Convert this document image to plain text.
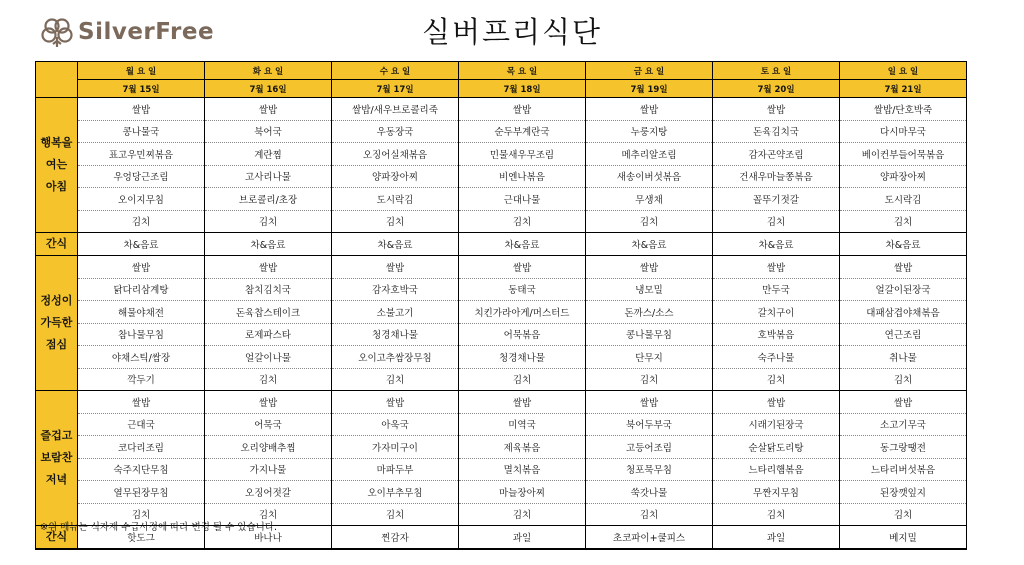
SilverFree	실버프리식단
	월 요 일	화 요 일	수 요 일	목 요 일	금 요 일	토 요 일	일 요 일
	7월 15일	7월 16일	7월 17일	7월 18일	7월 19일	7월 20일	7월 21일

행복을
여는
아침	쌀밥	쌀밥	쌀밥/새우브로콜리죽	쌀밥	쌀밥	쌀밥	쌀밥/단호박죽
	콩나물국	북어국	우동장국	순두부계란국	누룽지탕	돈육김치국	다시마무국
	표고우민찌볶음	계란찜	오징어실채볶음	민물새우무조림	메추리알조림	감자곤약조림	베이컨부들어묵볶음
	우엉당근조림	고사리나물	양파장아찌	비엔나볶음	새송이버섯볶음	건새우마늘쫑볶음	양파장아찌
	오이지무침	브로콜리/초장	도시락김	근대나물	무생채	꼴뚜기젓갈	도시락김
	김치	김치	김치	김치	김치	김치	김치
간식	차&음료	차&음료	차&음료	차&음료	차&음료	차&음료	차&음료

정성이
가득한
점심	쌀밥	쌀밥	쌀밥	쌀밥	쌀밥	쌀밥	쌀밥
	닭다리삼계탕	참치김치국	감자호박국	동태국	냉모밀	만두국	얼갈이된장국
	해물야채전	돈육찹스테이크	소불고기	치킨가라아게/머스터드	돈까스/소스	갈치구이	대패삼겹야채볶음
	참나물무침	로제파스타	청경채나물	어묵볶음	콩나물무침	호박볶음	연근조림
	야채스틱/쌈장	얼갈이나물	오이고추쌈장무침	청경채나물	단무지	숙주나물	취나물
	깍두기	김치	김치	김치	김치	김치	김치

즐겁고
보람찬
저녁	쌀밥	쌀밥	쌀밥	쌀밥	쌀밥	쌀밥	쌀밥
	근대국	어묵국	아욱국	미역국	북어두부국	시래기된장국	소고기무국
	코다리조림	오리양배추찜	가자미구이	제육볶음	고등어조림	순살닭도리탕	동그랑땡전
	숙주지단무침	가지나물	마파두부	멸치볶음	청포묵무침	느타리햄볶음	느타리버섯볶음
	열무된장무침	오징어젓갈	오이부추무침	마늘장아찌	쑥갓나물	무짠지무침	된장깻잎지
	김치	김치	김치	김치	김치	김치	김치
간식	핫도그	바나나	찐감자	과일	초코파이+쿨피스	과일	베지밀
※위 메뉴는 식자재 수급사정에 따라 변경 될 수 있습니다.
